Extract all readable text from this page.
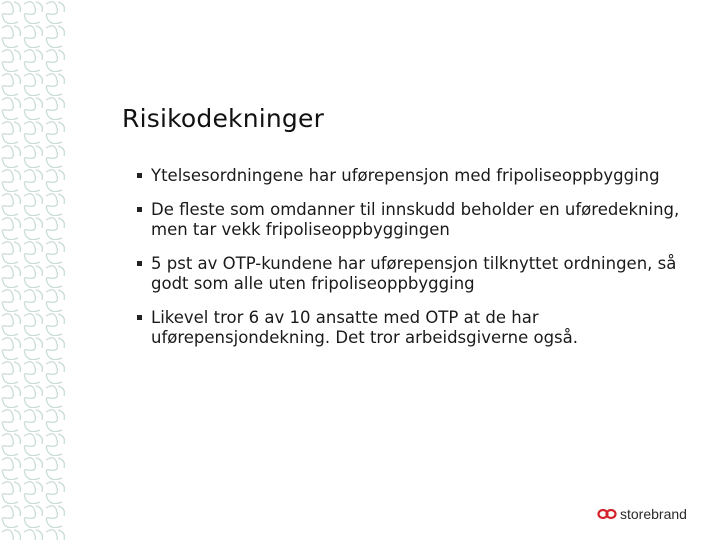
Risikodekninger
Ytelsesordningene har uførepensjon med fripoliseoppbygging
De fleste som omdanner til innskudd beholder en uføredekning, men tar vekk fripoliseoppbyggingen
5 pst av OTP-kundene har uførepensjon tilknyttet ordningen, så godt som alle uten fripoliseoppbygging
Likevel tror 6 av 10 ansatte med OTP at de har uførepensjondekning. Det tror arbeidsgiverne også.
storebrand
